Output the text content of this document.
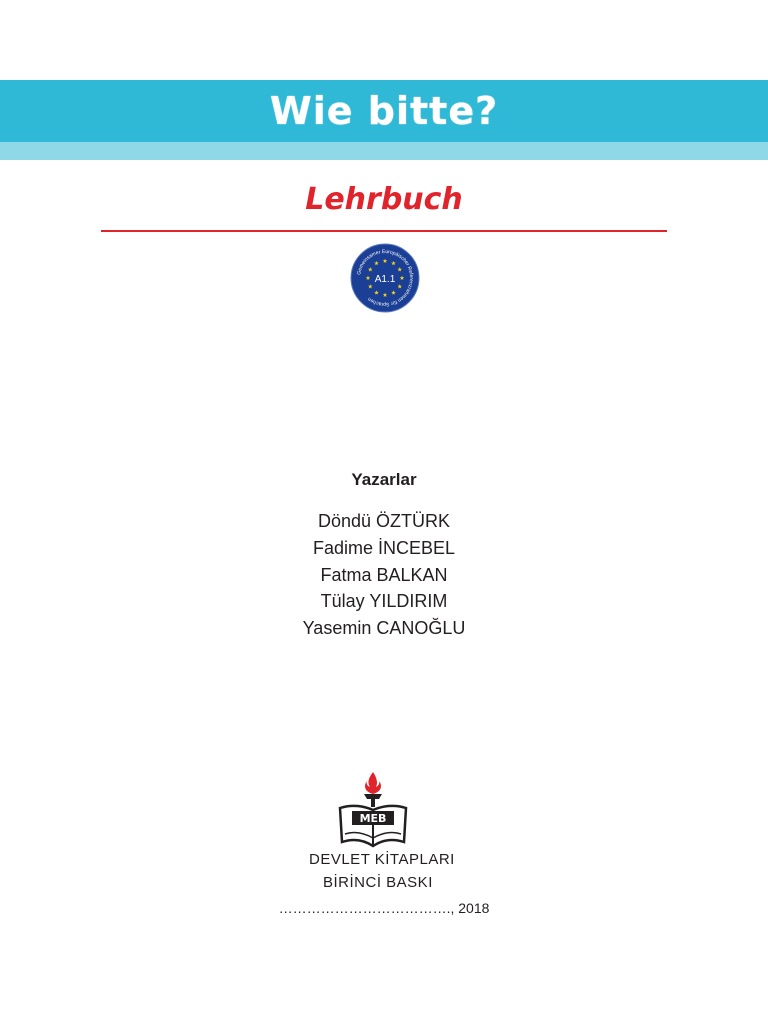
Wie bitte?
Lehrbuch
Gemeinsamer Europäischer Referenzrahmen für Sprachen
A1.1
Yazarlar
Döndü ÖZTÜRK
Fadime İNCEBEL
Fatma BALKAN
Tülay YILDIRIM
Yasemin CANOĞLU
MEB
DEVLET KİTAPLARI
BİRİNCİ BASKI
………………………………., 2018
